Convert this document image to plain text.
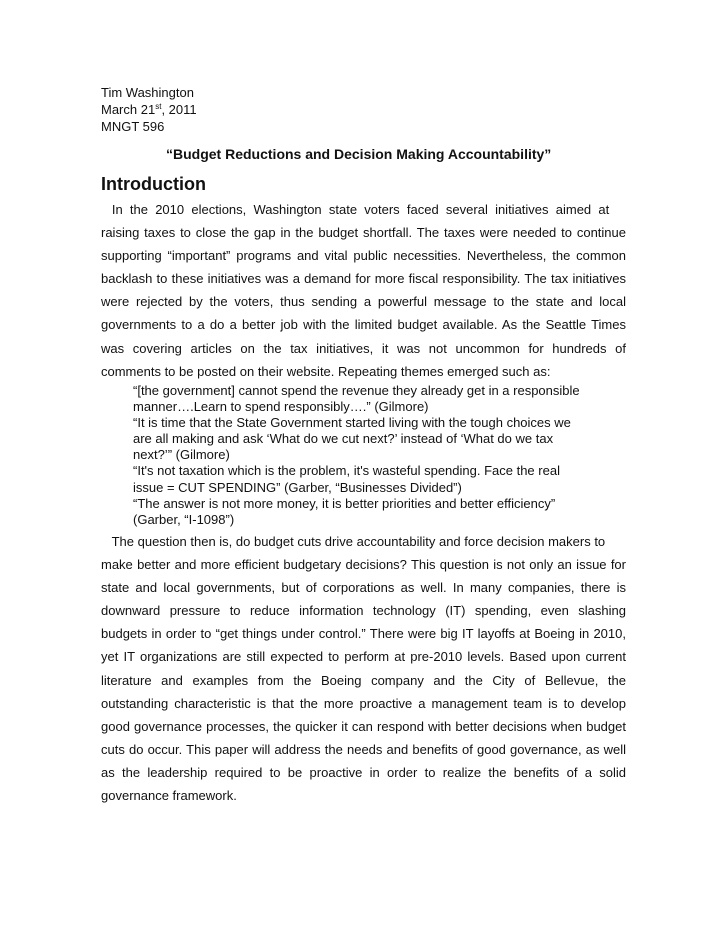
Tim Washington
March 21st, 2011
MNGT 596
“Budget Reductions and Decision Making Accountability”
Introduction
In  the  2010  elections,  Washington  state  voters  faced  several  initiatives  aimed  at
raising taxes to close the gap in the budget shortfall. The taxes were needed to continue
supporting “important” programs and vital public necessities. Nevertheless, the common
backlash to these initiatives was a demand for more fiscal responsibility. The tax initiatives
were rejected by the voters, thus sending a powerful message to the state and local
governments to a do a better job with the limited budget available. As the Seattle Times
was covering articles on the tax initiatives, it was not uncommon for hundreds of
comments to be posted on their website. Repeating themes emerged such as:
“[the government] cannot spend the revenue they already get in a responsible
manner….Learn to spend responsibly….” (Gilmore)
“It is time that the State Government started living with the tough choices we
are all making and ask ‘What do we cut next?’ instead of ‘What do we tax
next?’” (Gilmore)
“It's not taxation which is the problem, it's wasteful spending. Face the real
issue = CUT SPENDING” (Garber, “Businesses Divided”)
“The answer is not more money, it is better priorities and better efficiency”
(Garber, “I-1098”)
The question then is, do budget cuts drive accountability and force decision makers to
make better and more efficient budgetary decisions? This question is not only an issue for
state and local governments, but of corporations as well. In many companies, there is
downward pressure to reduce information technology (IT) spending, even slashing
budgets in order to “get things under control.” There were big IT layoffs at Boeing in 2010,
yet IT organizations are still expected to perform at pre-2010 levels. Based upon current
literature and examples from the Boeing company and the City of Bellevue, the
outstanding characteristic is that the more proactive a management team is to develop
good governance processes, the quicker it can respond with better decisions when budget
cuts do occur. This paper will address the needs and benefits of good governance, as well
as the leadership required to be proactive in order to realize the benefits of a solid
governance framework.
